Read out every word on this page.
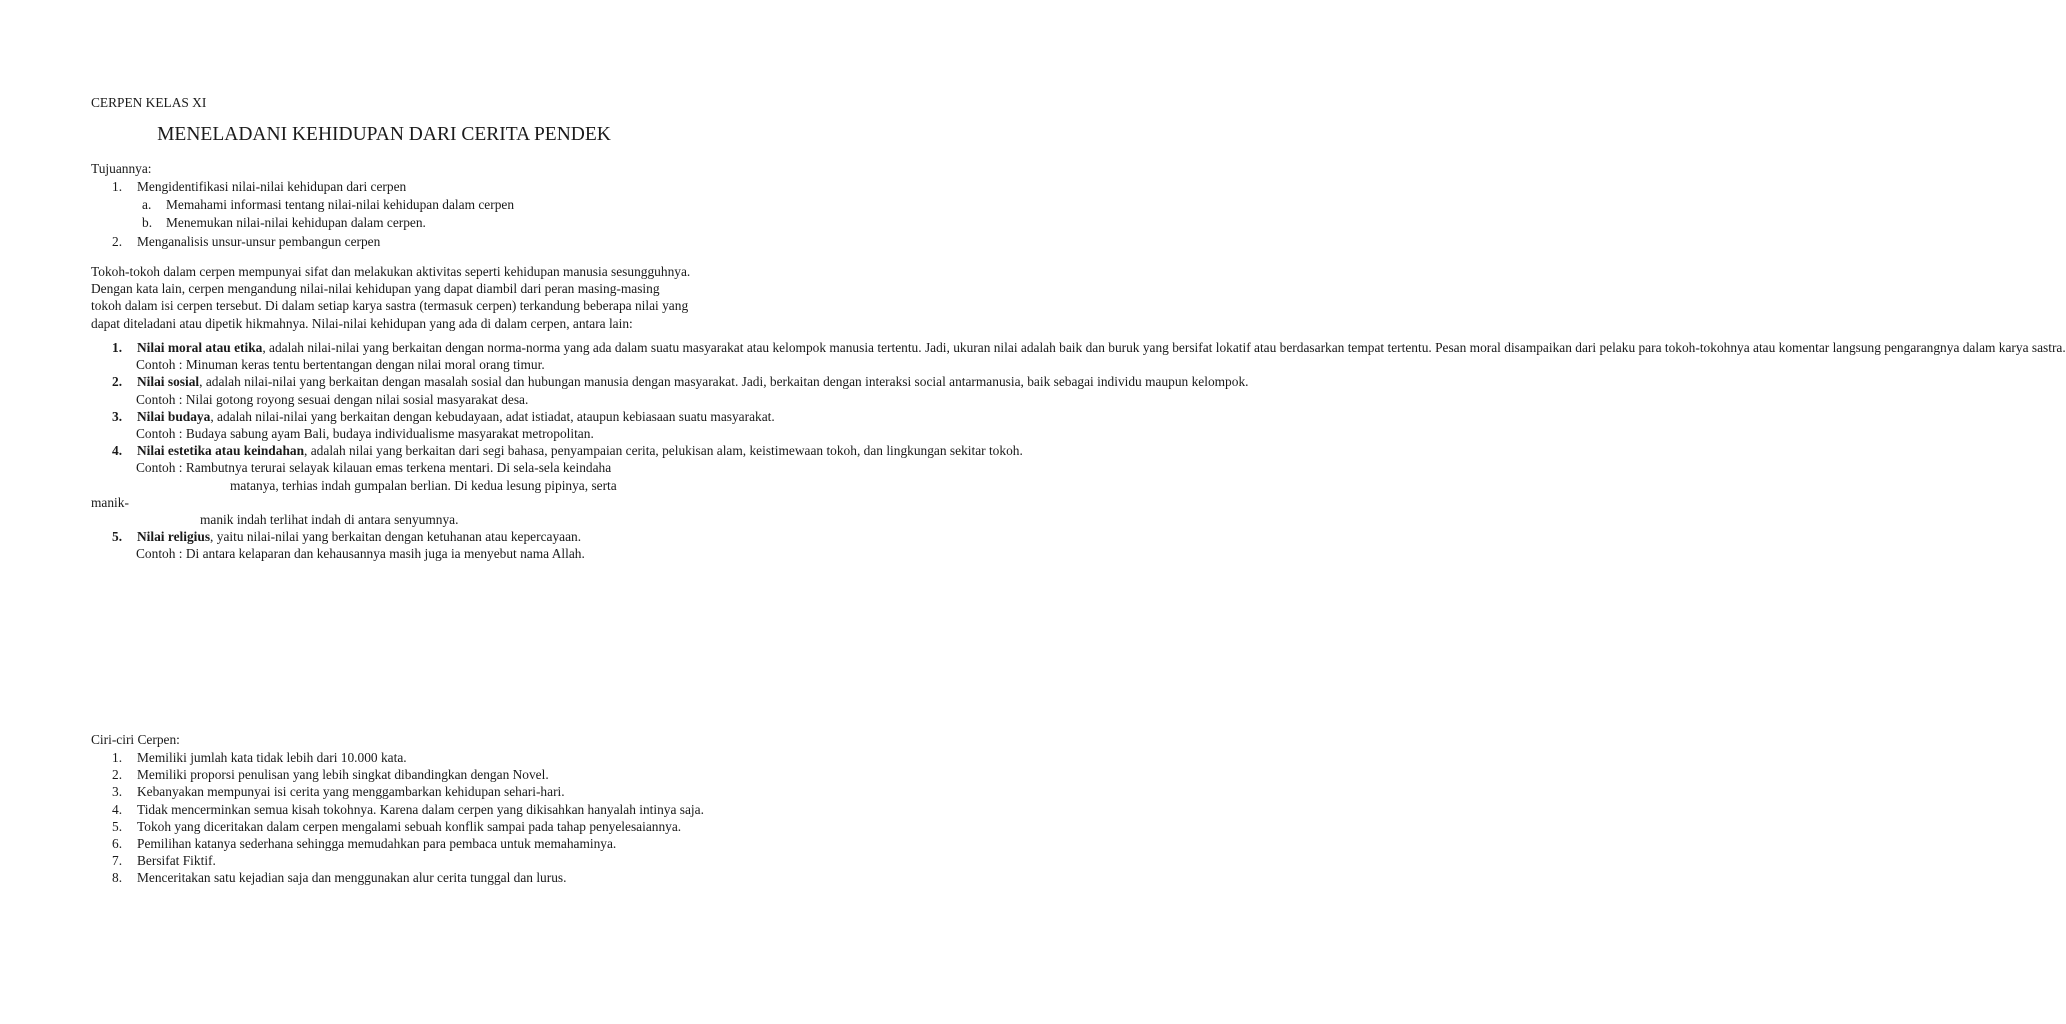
CERPEN KELAS XI
MENELADANI KEHIDUPAN DARI CERITA PENDEK
Tujuannya:
1. Mengidentifikasi nilai-nilai kehidupan dari cerpen
a. Memahami informasi tentang nilai-nilai kehidupan dalam cerpen
b. Menemukan nilai-nilai kehidupan dalam cerpen.
2. Menganalisis unsur-unsur pembangun cerpen
Tokoh-tokoh dalam cerpen mempunyai sifat dan melakukan aktivitas seperti kehidupan manusia sesungguhnya. Dengan kata lain, cerpen mengandung nilai-nilai kehidupan yang dapat diambil dari peran masing-masing tokoh dalam isi cerpen tersebut. Di dalam setiap karya sastra (termasuk cerpen) terkandung beberapa nilai yang dapat diteladani atau dipetik hikmahnya. Nilai-nilai kehidupan yang ada di dalam cerpen, antara lain:
1. Nilai moral atau etika, adalah nilai-nilai yang berkaitan dengan norma-norma yang ada dalam suatu masyarakat atau kelompok manusia tertentu. Jadi, ukuran nilai adalah baik dan buruk yang bersifat lokatif atau berdasarkan tempat tertentu. Pesan moral disampaikan dari pelaku para tokoh-tokohnya atau komentar langsung pengarangnya dalam karya sastra.
Contoh : Minuman keras tentu bertentangan dengan nilai moral orang timur.
2. Nilai sosial, adalah nilai-nilai yang berkaitan dengan masalah sosial dan hubungan manusia dengan masyarakat. Jadi, berkaitan dengan interaksi social antarmanusia, baik sebagai individu maupun kelompok.
Contoh : Nilai gotong royong sesuai dengan nilai sosial masyarakat desa.
3. Nilai budaya, adalah nilai-nilai yang berkaitan dengan kebudayaan, adat istiadat, ataupun kebiasaan suatu masyarakat.
Contoh : Budaya sabung ayam Bali, budaya individualisme masyarakat metropolitan.
4. Nilai estetika atau keindahan, adalah nilai yang berkaitan dari segi bahasa, penyampaian cerita, pelukisan alam, keistimewaan tokoh, dan lingkungan sekitar tokoh.
Contoh : Rambutnya terurai selayak kilauan emas terkena mentari. Di sela-sela keindaha
matanya, terhias indah gumpalan berlian. Di kedua lesung pipinya, serta
manik-
manik indah terlihat indah di antara senyumnya.
5. Nilai religius, yaitu nilai-nilai yang berkaitan dengan ketuhanan atau kepercayaan.
Contoh : Di antara kelaparan dan kehausannya masih juga ia menyebut nama Allah.
Ciri-ciri Cerpen:
1. Memiliki jumlah kata tidak lebih dari 10.000 kata.
2. Memiliki proporsi penulisan yang lebih singkat dibandingkan dengan Novel.
3. Kebanyakan mempunyai isi cerita yang menggambarkan kehidupan sehari-hari.
4. Tidak mencerminkan semua kisah tokohnya. Karena dalam cerpen yang dikisahkan hanyalah intinya saja.
5. Tokoh yang diceritakan dalam cerpen mengalami sebuah konflik sampai pada tahap penyelesaiannya.
6. Pemilihan katanya sederhana sehingga memudahkan para pembaca untuk memahaminya.
7. Bersifat Fiktif.
8. Menceritakan satu kejadian saja dan menggunakan alur cerita tunggal dan lurus.
